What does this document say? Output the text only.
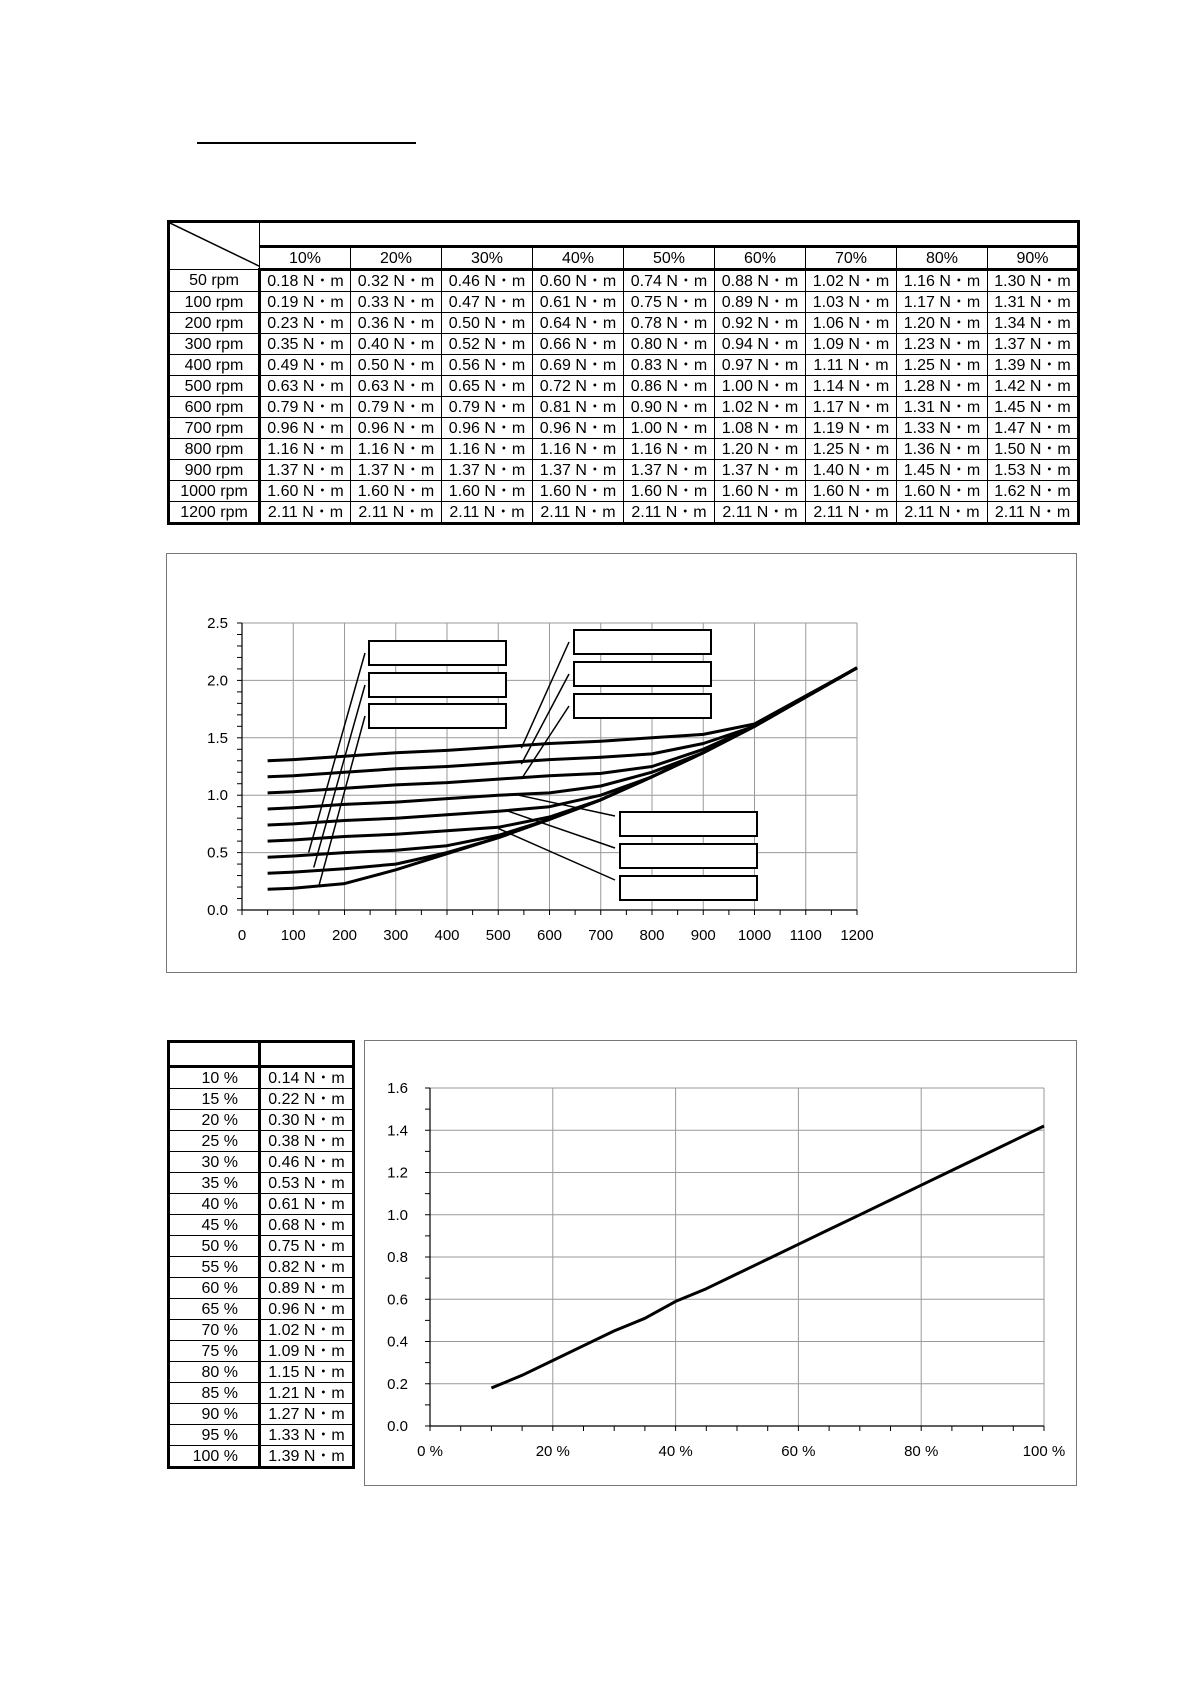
	10%	20%	30%	40%	50%	60%	70%	80%	90%
50 rpm	0.18 N・m	0.32 N・m	0.46 N・m	0.60 N・m	0.74 N・m	0.88 N・m	1.02 N・m	1.16 N・m	1.30 N・m
100 rpm	0.19 N・m	0.33 N・m	0.47 N・m	0.61 N・m	0.75 N・m	0.89 N・m	1.03 N・m	1.17 N・m	1.31 N・m
200 rpm	0.23 N・m	0.36 N・m	0.50 N・m	0.64 N・m	0.78 N・m	0.92 N・m	1.06 N・m	1.20 N・m	1.34 N・m
300 rpm	0.35 N・m	0.40 N・m	0.52 N・m	0.66 N・m	0.80 N・m	0.94 N・m	1.09 N・m	1.23 N・m	1.37 N・m
400 rpm	0.49 N・m	0.50 N・m	0.56 N・m	0.69 N・m	0.83 N・m	0.97 N・m	1.11 N・m	1.25 N・m	1.39 N・m
500 rpm	0.63 N・m	0.63 N・m	0.65 N・m	0.72 N・m	0.86 N・m	1.00 N・m	1.14 N・m	1.28 N・m	1.42 N・m
600 rpm	0.79 N・m	0.79 N・m	0.79 N・m	0.81 N・m	0.90 N・m	1.02 N・m	1.17 N・m	1.31 N・m	1.45 N・m
700 rpm	0.96 N・m	0.96 N・m	0.96 N・m	0.96 N・m	1.00 N・m	1.08 N・m	1.19 N・m	1.33 N・m	1.47 N・m
800 rpm	1.16 N・m	1.16 N・m	1.16 N・m	1.16 N・m	1.16 N・m	1.20 N・m	1.25 N・m	1.36 N・m	1.50 N・m
900 rpm	1.37 N・m	1.37 N・m	1.37 N・m	1.37 N・m	1.37 N・m	1.37 N・m	1.40 N・m	1.45 N・m	1.53 N・m
1000 rpm	1.60 N・m	1.60 N・m	1.60 N・m	1.60 N・m	1.60 N・m	1.60 N・m	1.60 N・m	1.60 N・m	1.62 N・m
1200 rpm	2.11 N・m	2.11 N・m	2.11 N・m	2.11 N・m	2.11 N・m	2.11 N・m	2.11 N・m	2.11 N・m	2.11 N・m
0 100 200 300 400 500 600 700 800 900 1000 1100 1200
0.0
0.5
1.0
1.5
2.0
2.5

10 %	0.14 N・m
15 %	0.22 N・m
20 %	0.30 N・m
25 %	0.38 N・m
30 %	0.46 N・m
35 %	0.53 N・m
40 %	0.61 N・m
45 %	0.68 N・m
50 %	0.75 N・m
55 %	0.82 N・m
60 %	0.89 N・m
65 %	0.96 N・m
70 %	1.02 N・m
75 %	1.09 N・m
80 %	1.15 N・m
85 %	1.21 N・m
90 %	1.27 N・m
95 %	1.33 N・m
100 %	1.39 N・m	0 %	20 %	40 %	60 %	80 %	100 %
0.0
0.2
0.4
0.6
0.8
1.0
1.2
1.4
1.6
